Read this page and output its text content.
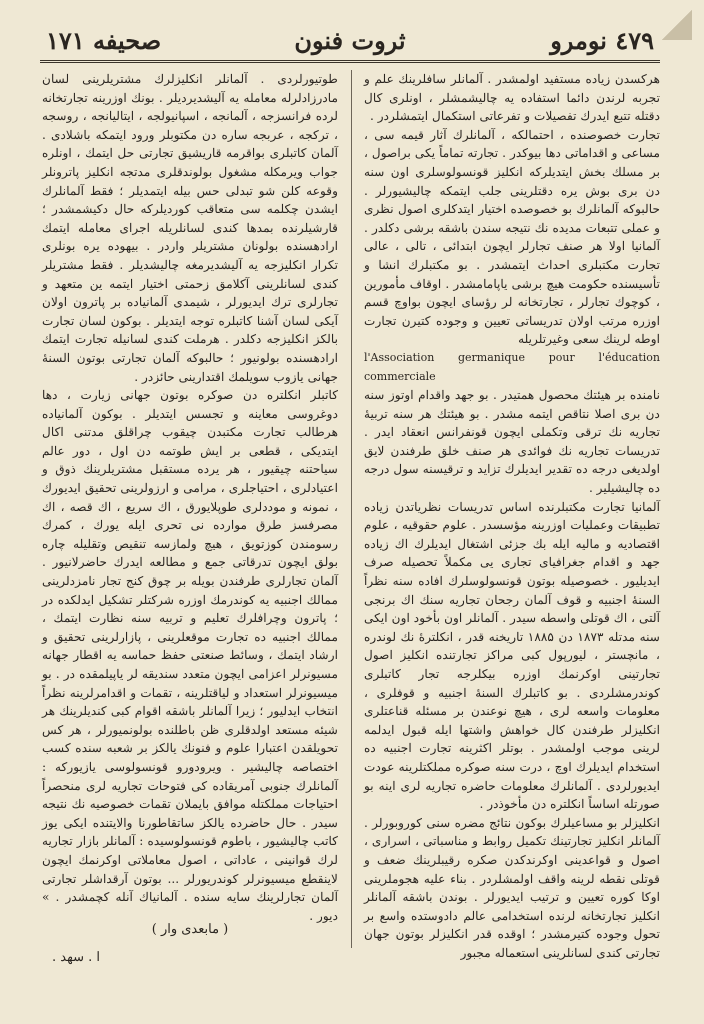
٤٧٩ نومرو
ثروت فنون
صحیفه ۱۷۱

هرکسدن زیاده مستفید اولمشدر . آلمانلر سافلرینك علم و تجربه لرندن دائما استفاده یه چالیشمشلر ، اونلری كال دقتله تتبع ایدرك تفصیلات و تفرعاتی استکمال ایتمشلردر .

تجارت خصوصنده ، احتمالکه ، آلمانلرك آثار قیمه سی ، مساعی و اقداماتی دها بیوکدر . تجارته تماماً یکی براصول ، بر مسلك بخش ایتدیلرکه انکلیز قونسولوسلری اون سنه دن بری بوش یره دقتلرینی جلب ایتمکه چالیشیورلر . حالبوکه آلمانلرك بو خصوصده اختیار ایتدکلری اصول نظری و عملی تتبعات مدیده نك نتیجه سندن باشقه برشی دکلدر . آلمانیا اولا هر صنف تجارلر ایچون ابتدائی ، تالی ، عالی تجارت مکتبلری احداث ایتمشدر . بو مکتبلرك انشا و تأسیسنده حکومت هیچ برشی یاپامامشدر . اوقاف مأمورین ، کوچوك تجارلر ، تجارتخانه لر رؤسای ایچون بواوچ قسم اوزره مرتب اولان تدریساتی تعیین و وجوده کتیرن تجارت اوطه لرینك سعی وغیرتلریله

l'Association germanique pour l'éducation commerciale

نامنده بر هیئتك محصول همتیدر . بو جهد واقدام اوتوز سنه دن بری اصلا نتاقص ایتمه مشدر . بو هیئتك هر سنه تربیهٔ تجاریه نك ترقی وتکملی ایچون قونفرانس انعقاد ایدر . تدریسات تجاریه نك فوائدی هر صنف خلق طرفندن لایق اولدیغی درجه ده تقدیر ایدیلرك تزاید و ترقیسنه سول درجه ده چالیشیلیر .

آلمانیا تجارت مکتبلرنده اساس تدریسات نظریاتدن زیاده تطبیقات وعملیات اوزرینه مؤسسدر . علوم حقوقیه ، علوم اقتصادیه و مالیه ایله بك جزئی اشتغال ایدیلرك اك زیاده جهد و اقدام جغرافیای تجاری یی مکملاً تحصیله صرف ایدیلیور . خصوصیله بوتون قونسولوسلرك افاده سنه نظراً السنهٔ اجنبیه و قوف آلمان رجحان تجاریه سنك اك برنجی آلتی ، اك قوتلی واسطه سیدر . آلمانلر اون بأخود اون ایکی سنه مدتله ۱۸۷۳ دن ۱۸۸۵ تاریخنه قدر ، انکلترهٔ نك لوندره ، مانچستر ، لیورپول کبی مراکز تجارتنده انکلیز اصول تجارتینی اوکرنمك اوزره بیکلرجه تجار کاتبلری کوندرمشلردی . بو کاتبلرك السنهٔ اجنبیه و قوفلری ، معلومات واسعه لری ، هیچ نوعندن بر مسئله قناعتلری انکلیزلر طرفندن کال خواهش واشتها ایله قبول ایدلمه لرینی موجب اولمشدر . بوتلر اکثرینه تجارت اجنبیه ده استخدام ایدیلرك اوچ ، درت سنه صوکره مملکتلرینه عودت ایدیورلردی . آلمانلرك معلومات حاضره تجاریه لری اینه بو صورتله اساساً انکلتره دن مأخوذدر .

انکلیزلر بو مساعیلرك بوکون نتائج مضره سنی کوروبورلر . آلمانلر انکلیز تجارتینك تکمیل روابط و مناسباتی ، اسراری ، اصول و قواعدینی اوکرندکدن صکره رقیبلرینك ضعف و قوتلی نقطه لرینه واقف اولمشلردر . بناء علیه هجوملرینی اوکا کوره تعیین و ترتیب ایدیورلر . بوندن باشقه آلمانلر انکلیز تجارتخانه لرنده استخدامی عالم دادوستده واسع بر تحول وجوده کتیرمشدر ؛ اوقده قدر انکلیزلر بوتون جهان تجارتی کندی لسانلرینی استعماله مجبور

طوتیورلردی . آلمانلر انکلیزلرك مشتریلرینی لسان مادرزادلرله معامله یه آلیشدیردیلر . بونك اوزرینه تجارتخانه لرده فرانسزجه ، آلمانجه ، اسپانیولجه ، ایتالیانجه ، روسجه ، ترکجه ، عربجه ساره دن مکتوبلر ورود ایتمکه باشلادی . آلمان کاتبلری بواقرمه قاریشیق تجارتی حل ایتمك ، اونلره جواب ویرمکله مشغول بولوندقلری مدتجه انکلیز پاترونلر وقوعه کلن شو تبدلی حس بیله ایتمدیلر ؛ فقط آلمانلرك ایشدن چکلمه سی متعاقب کوردیلرکه حال دکیشمشدر ؛ قارشیلرنده بمدها کندی لسانلریله اجرای معامله ایتمك ارادهسنده بولونان مشتریلر واردر . بیهوده یره بونلری تکرار انکلیزجه یه آلیشدیرمغه چالیشدیلر . فقط مشتریلر کندی لسانلرینی آکلامق زحمتی اختیار ایتمه ین متعهد و تجارلری ترك ایدیورلر ، شیمدی آلمانیاده بر پاترون اولان آیکی لسان آشنا کاتبلره توجه ایتدیلر . بوکون لسان تجارت بالکز انکلیزجه دکلدر . هرملت کندی لسانیله تجارت ایتمك ارادهسنده بولونیور ؛ حالبوکه آلمان تجارتی بوتون السنهٔ جهانی یازوب سویلمك اقتدارینی حائزدر .

کاتبلر انکلتره دن صوکره بوتون جهانی زیارت ، دها دوغروسی معاینه و تجسس ایتدیلر . بوکون آلمانیاده هرطالب تجارت مکتبدن چیقوب چراقلق مدتنی اکال ایتدیکی ، قطعی بر ایش طوتمه دن اول ، دور عالم سیاحتنه چیقیور ، هر یرده مستقبل مشتریلرینك ذوق و اعتیادلری ، احتیاجلری ، مرامی و ارزولرینی تحقیق ایدیورك ، نمونه و موددلری طوپلایورق ، اك سریع ، اك قصه ، اك مصرفسز طرق موارده نی تحری ایله یورك ، کمرك رسومندن کوزتویق ، هیچ ولمازسه تنقیص وتقلیله چاره بولق ایچون تدرقاتی جمع و مطالعه ایدرك حاضرلانیور . آلمان تجارلری طرفندن بویله بر چوق کنج تجار نامزدلرینی ممالك اجنبیه یه کوندرمك اوزره شرکتلر تشکیل ایدلکده در ؛ پاترون وچرافلرك تعلیم و تربیه سنه نظارت ایتمك ، ممالك اجنبیه ده تجارت موقعلرینی ، پازارلرینی تحقیق و ارشاد ایتمك ، وسائط صنعتی حفظ حماسه یه اقطار جهانه مسیونرلر اعزامی ایچون متعدد سندیقه لر یاپیلمقده در . بو میسیونرلر استعداد و لیاقتلرینه ، تقمات و اقدامرلرینه نظراً انتخاب ایدلیور ؛ زیرا آلمانلر باشقه اقوام کبی کندیلرینك هر شیئه مستعد اولدقلری ظن باطلنده بولونمیورلر ، هر کس تحویلقدن اعتبارا علوم و فنونك یالکز بر شعبه سنده کسب اختصاصه چالیشیر . ویرودورو قونسولوسی یازیورکه : آلمانلرك جنوبی آمریقاده کی فتوحات تجاریه لری منحصراً احتیاجات مملکتله موافق بایملان تقمات خصوصیه نك نتیجه سیدر . حال حاضرده یالکز ساتقاطورنا والایتنده ایکی یوز کاتب چالیشیور ، باطوم قونسولوسیده : آلمانلر بازار تجاریه لرك قوانینی ، عاداتی ، اصول معاملاتی اوکرنمك ایچون لاینقطع میسیونرلر کوندریورلر ... بوتون آرقداشلر تجارتی آلمان تجارلرینك سایه سنده . آلمانیاك آنله کچمشدر . » دیور .

( مابعدی وار )
ا . سهد .
